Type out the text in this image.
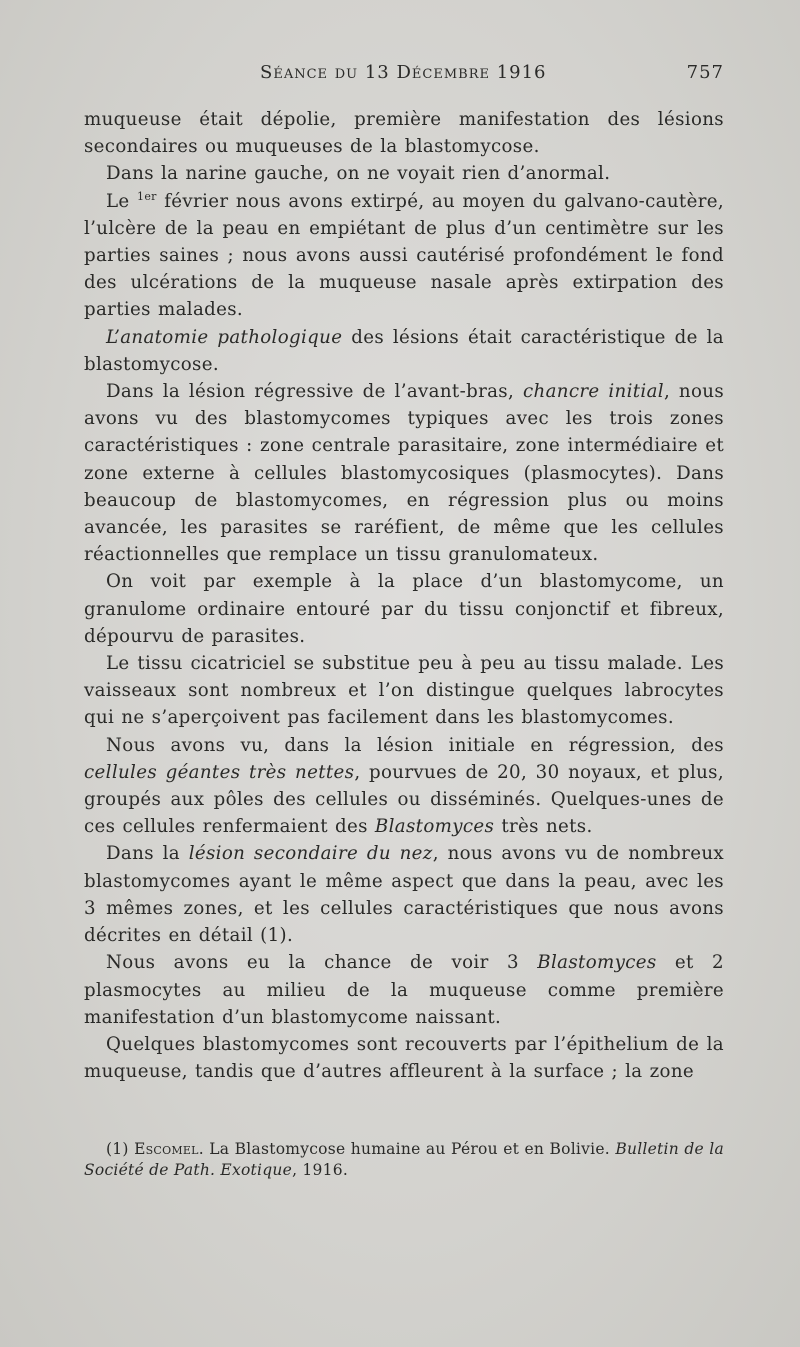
Séance du 13 Décembre 1916	757

muqueuse était dépolie, première manifestation des lésions secondaires ou muqueuses de la blastomycose.

Dans la narine gauche, on ne voyait rien d’anormal.

Le $^{1er}$ février nous avons extirpé, au moyen du galvano-cautère, l’ulcère de la peau en empiétant de plus d’un centimètre sur les parties saines ; nous avons aussi cautérisé profondément le fond des ulcérations de la muqueuse nasale après extirpation des parties malades.

L’anatomie pathologique des lésions était caractéristique de la blastomycose.

Dans la lésion régressive de l’avant-bras, chancre initial, nous avons vu des blastomycomes typiques avec les trois zones caractéristiques : zone centrale parasitaire, zone intermédiaire et zone externe à cellules blastomycosiques (plasmocytes). Dans beaucoup de blastomycomes, en régression plus ou moins avancée, les parasites se raréfient, de même que les cellules réactionnelles que remplace un tissu granulomateux.

On voit par exemple à la place d’un blastomycome, un granulome ordinaire entouré par du tissu conjonctif et fibreux, dépourvu de parasites.

Le tissu cicatriciel se substitue peu à peu au tissu malade. Les vaisseaux sont nombreux et l’on distingue quelques labrocytes qui ne s’aperçoivent pas facilement dans les blastomycomes.

Nous avons vu, dans la lésion initiale en régression, des cellules géantes très nettes, pourvues de 20, 30 noyaux, et plus, groupés aux pôles des cellules ou disséminés. Quelques-unes de ces cellules renfermaient des Blastomyces très nets.

Dans la lésion secondaire du nez, nous avons vu de nombreux blastomycomes ayant le même aspect que dans la peau, avec les 3 mêmes zones, et les cellules caractéristiques que nous avons décrites en détail (1).

Nous avons eu la chance de voir 3 Blastomyces et 2 plasmocytes au milieu de la muqueuse comme première manifestation d’un blastomycome naissant.

Quelques blastomycomes sont recouverts par l’épithelium de la muqueuse, tandis que d’autres affleurent à la surface ; la zone

(1) Escomel. La Blastomycose humaine au Pérou et en Bolivie. Bulletin de la Société de Path. Exotique, 1916.
